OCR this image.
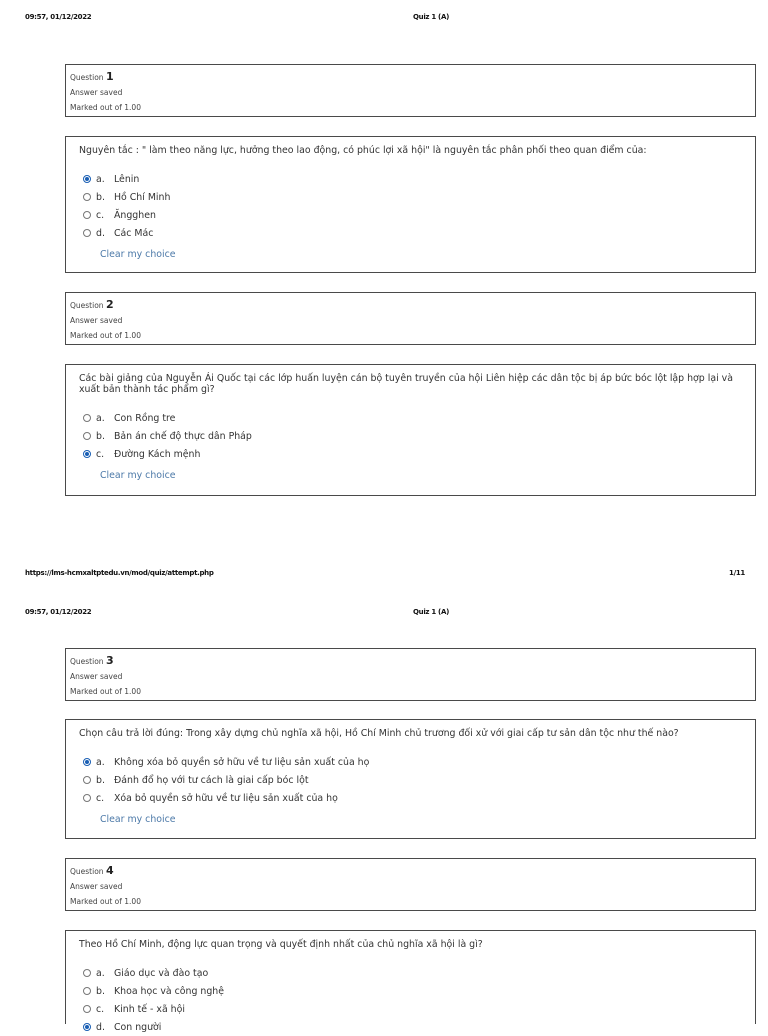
09:57, 01/12/2022	Quiz 1 (A)
Question 1
Answer saved
Marked out of 1.00
Nguyên tắc : " làm theo năng lực, hưởng theo lao động, có phúc lợi xã hội" là nguyên tắc phân phối theo quan điểm của:
a. Lênin
b. Hồ Chí Minh
c.	Ăngghen
d. Các Mác
Clear my choice
Question 2
Answer saved
Marked out of 1.00
Các bài giảng của Nguyễn Ái Quốc tại các lớp huấn luyện cán bộ tuyên truyền của hội Liên hiệp các dân tộc bị áp bức bóc lột lập hợp lại và xuất bản thành tác phẩm gì?
a. Con Rồng tre
b. Bản án chế độ thực dân Pháp
c.	Đường Kách mệnh
Clear my choice
https://lms-hcmxaltptedu.vn/mod/quiz/attempt.php	1/11
09:57, 01/12/2022	Quiz 1 (A)
Question 3
Answer saved
Marked out of 1.00
Chọn câu trả lời đúng: Trong xây dựng chủ nghĩa xã hội, Hồ Chí Minh chủ trương đối xử với giai cấp tư sản dân tộc như thế nào?
a. Không xóa bỏ quyền sở hữu về tư liệu sản xuất của họ
b. Đánh đổ họ với tư cách là giai cấp bóc lột
c.	Xóa bỏ quyền sở hữu về tư liệu sản xuất của họ
Clear my choice
Question 4
Answer saved
Marked out of 1.00
Theo Hồ Chí Minh, động lực quan trọng và quyết định nhất của chủ nghĩa xã hội là gì?
a. Giáo dục và đào tạo
b. Khoa học và công nghệ
c.	Kinh tế - xã hội
d. Con người
